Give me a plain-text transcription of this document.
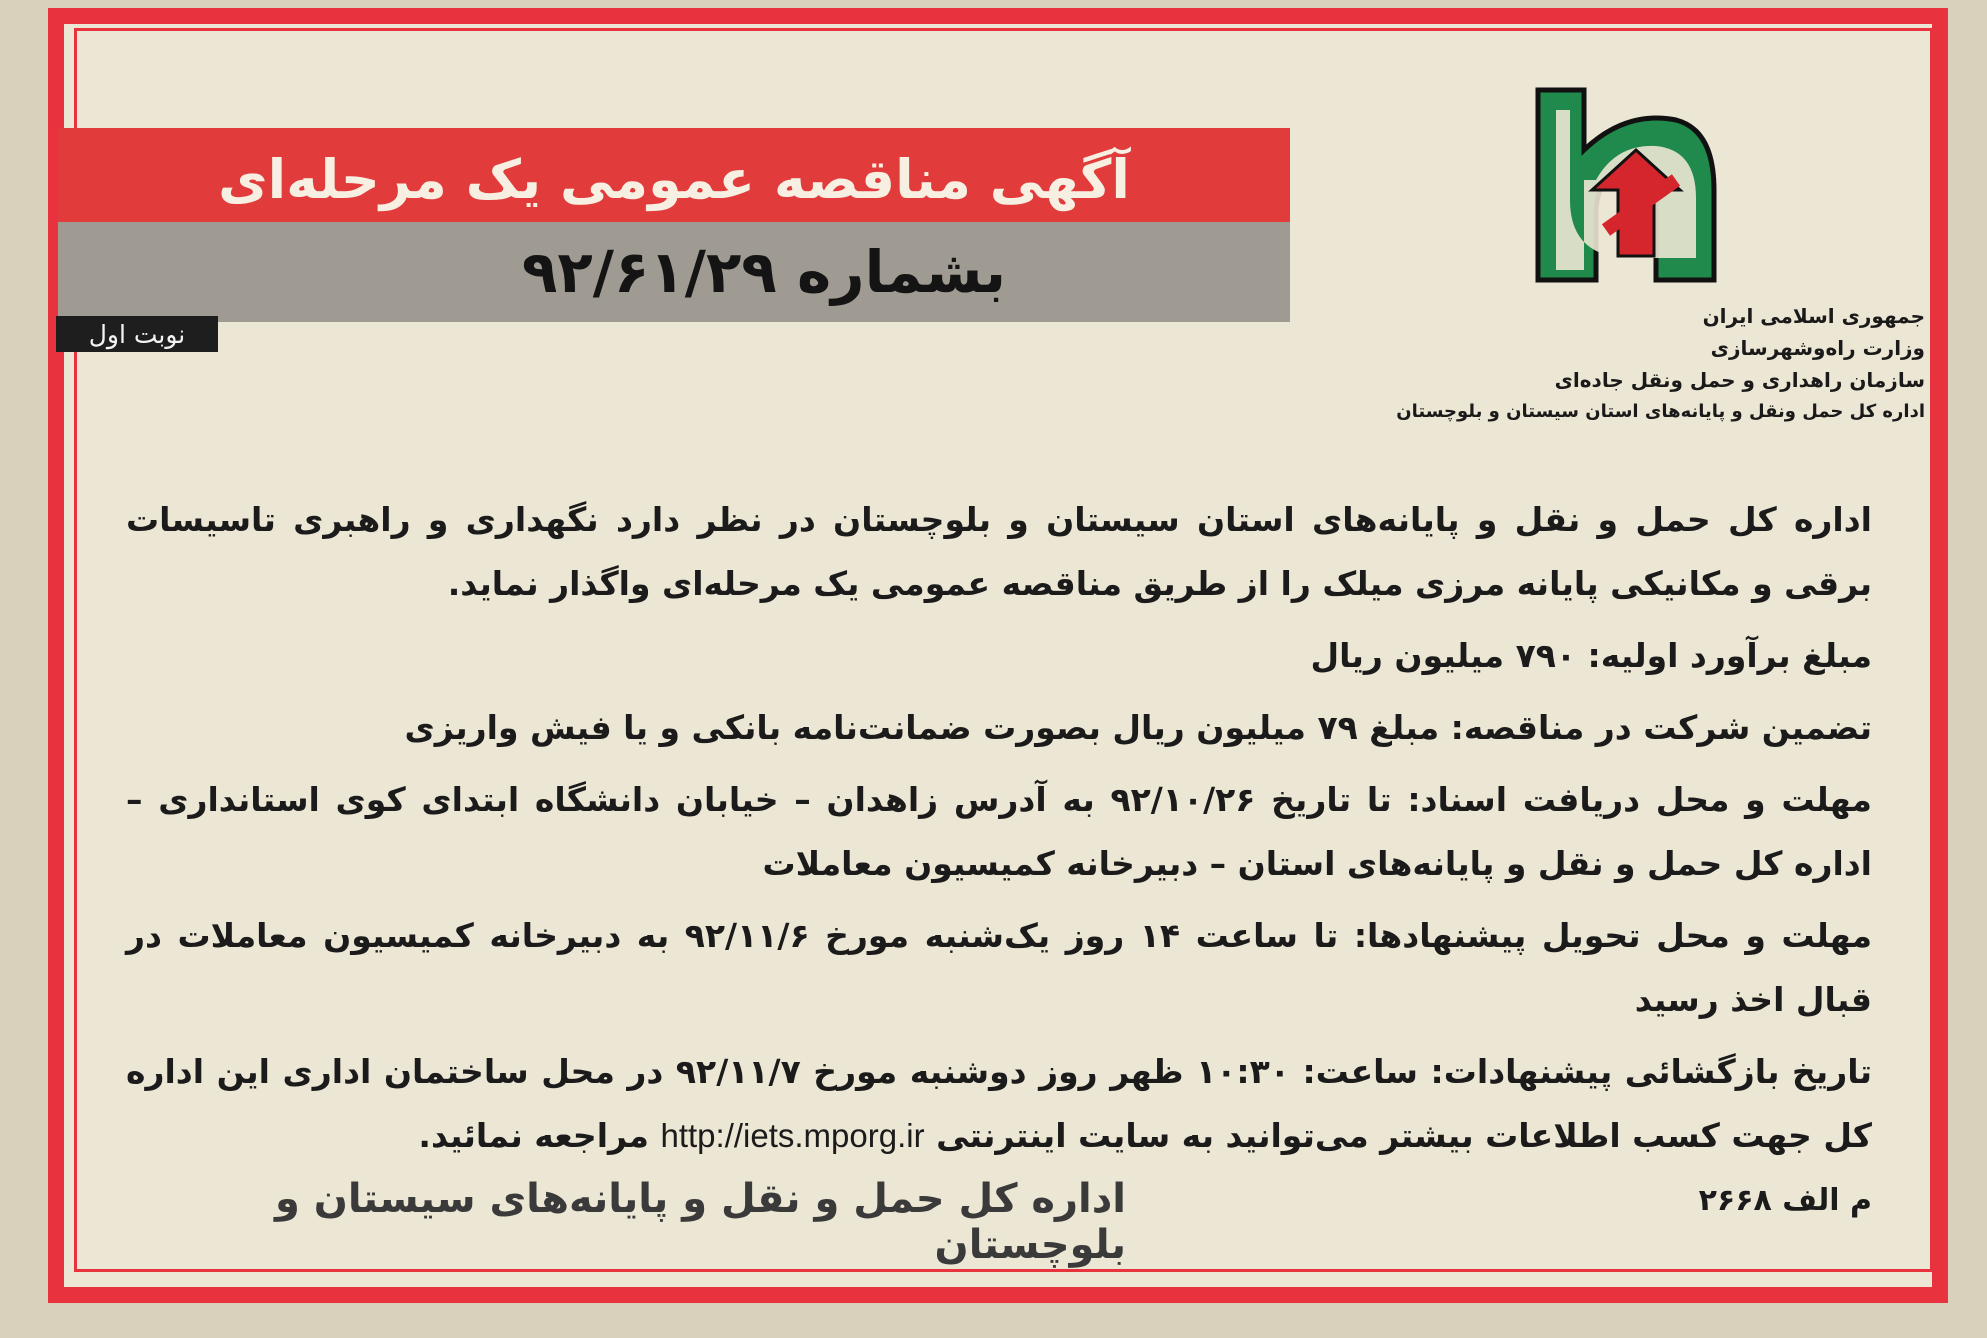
آگهی مناقصه عمومی یک مرحله‌ای
بشماره ۹۲/۶۱/۲۹
نوبت اول
جمهوری اسلامی ایران
وزارت راه‌وشهرسازی
سازمان راهداری و حمل ونقل جاده‌ای
اداره کل حمل ونقل و پایانه‌های استان سیستان و بلوچستان

اداره کل حمل و نقل و پایانه‌های استان سیستان و بلوچستان در نظر دارد نگهداری و راهبری تاسیسات برقی و مکانیکی پایانه مرزی میلک را از طریق مناقصه عمومی یک مرحله‌ای واگذار نماید.

مبلغ برآورد اولیه: ۷۹۰ میلیون ریال

تضمین شرکت در مناقصه: مبلغ ۷۹ میلیون ریال بصورت ضمانت‌نامه بانکی و یا فیش واریزی

مهلت و محل دریافت اسناد: تا تاریخ ۹۲/۱۰/۲۶ به آدرس زاهدان – خیابان دانشگاه ابتدای کوی استانداری – اداره کل حمل و نقل و پایانه‌های استان – دبیرخانه کمیسیون معاملات

مهلت و محل تحویل پیشنهادها: تا ساعت ۱۴ روز یک‌شنبه مورخ ۹۲/۱۱/۶ به دبیرخانه کمیسیون معاملات در قبال اخذ رسید

تاریخ بازگشائی پیشنهادات: ساعت: ۱۰:۳۰ ظهر روز دوشنبه مورخ ۹۲/۱۱/۷ در محل ساختمان اداری این اداره کل جهت کسب اطلاعات بیشتر می‌توانید به سایت اینترنتی http://iets.mporg.ir مراجعه نمائید.

م الف ۲۶۶۸
اداره کل حمل و نقل و پایانه‌های سیستان و بلوچستان
